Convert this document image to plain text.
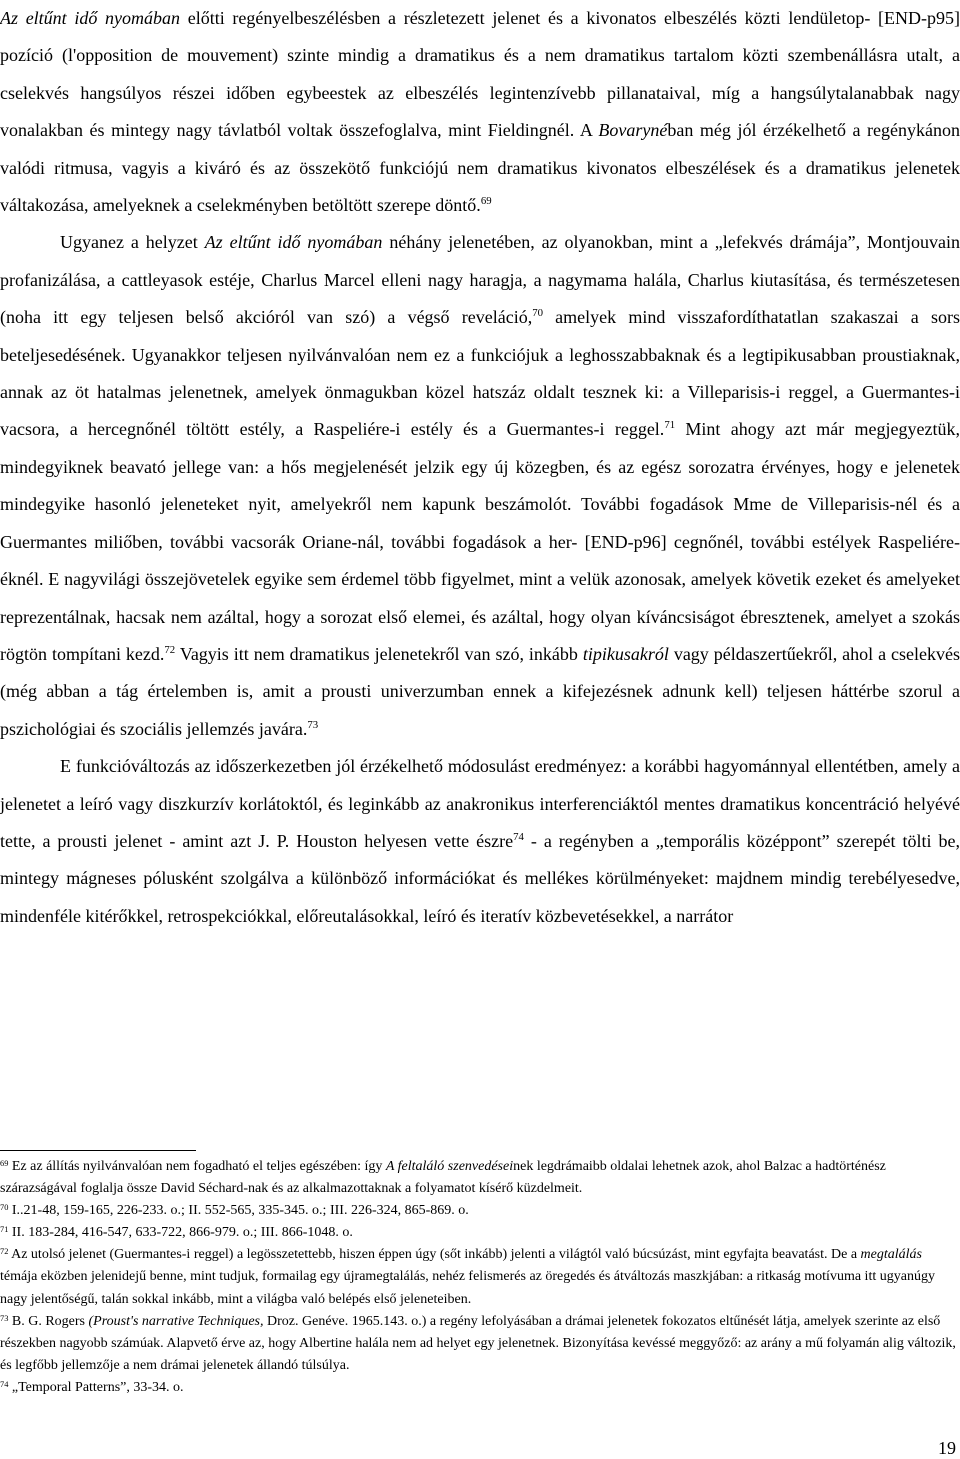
Az eltűnt idő nyomában előtti regényelbeszélésben a részletezett jelenet és a kivonatos elbeszélés közti lendületop- [END-p95] pozíció (l'opposition de mouvement) szinte mindig a dramatikus és a nem dramatikus tartalom közti szembenállásra utalt, a cselekvés hangsúlyos részei időben egybeestek az elbeszélés legintenzívebb pillanataival, míg a hangsúlytalanabbak nagy vonalakban és mintegy nagy távlatból voltak összefoglalva, mint Fieldingnél. A Bovarynéban még jól érzékelhető a regénykánon valódi ritmusa, vagyis a kiváró és az összekötő funkciójú nem dramatikus kivonatos elbeszélések és a dramatikus jelenetek váltakozása, amelyeknek a cselekményben betöltött szerepe döntő.$^{69}$

Ugyanez a helyzet Az eltűnt idő nyomában néhány jelenetében, az olyanokban, mint a „lefekvés drámája”, Montjouvain profanizálása, a cattleyasok estéje, Charlus Marcel elleni nagy haragja, a nagymama halála, Charlus kiutasítása, és természetesen (noha itt egy teljesen belső akcióról van szó) a végső reveláció,$^{70}$ amelyek mind visszafordíthatatlan szakaszai a sors beteljesedésének. Ugyanakkor teljesen nyilvánvalóan nem ez a funkciójuk a leghosszabbaknak és a legtipikusabban proustiaknak, annak az öt hatalmas jelenetnek, amelyek önmagukban közel hatszáz oldalt tesznek ki: a Villeparisis-i reggel, a Guermantes-i vacsora, a hercegnőnél töltött estély, a Raspeliére-i estély és a Guermantes-i reggel.$^{71}$ Mint ahogy azt már megjegyeztük, mindegyiknek beavató jellege van: a hős megjelenését jelzik egy új közegben, és az egész sorozatra érvényes, hogy e jelenetek mindegyike hasonló jeleneteket nyit, amelyekről nem kapunk beszámolót. További fogadások Mme de Villeparisis-nél és a Guermantes miliőben, további vacsorák Oriane-nál, további fogadások a her- [END-p96] cegnőnél, további estélyek Raspeliére-éknél. E nagyvilági összejövetelek egyike sem érdemel több figyelmet, mint a velük azonosak, amelyek követik ezeket és amelyeket reprezentálnak, hacsak nem azáltal, hogy a sorozat első elemei, és azáltal, hogy olyan kíváncsiságot ébresztenek, amelyet a szokás rögtön tompítani kezd.$^{72}$ Vagyis itt nem dramatikus jelenetekről van szó, inkább tipikusakról vagy példaszertűekről, ahol a cselekvés (még abban a tág értelemben is, amit a prousti univerzumban ennek a kifejezésnek adnunk kell) teljesen háttérbe szorul a pszichológiai és szociális jellemzés javára.$^{73}$

E funkcióváltozás az időszerkezetben jól érzékelhető módosulást eredményez: a korábbi hagyománnyal ellentétben, amely a jelenetet a leíró vagy diszkurzív korlátoktól, és leginkább az anakronikus interferenciáktól mentes dramatikus koncentráció helyévé tette, a prousti jelenet - amint azt J. P. Houston helyesen vette észre$^{74}$ - a regényben a „temporális középpont” szerepét tölti be, mintegy mágneses pólusként szolgálva a különböző információkat és mellékes körülményeket: majdnem mindig terebélyesedve, mindenféle kitérőkkel, retrospekciókkal, előreutalásokkal, leíró és iteratív közbevetésekkel, a narrátor

$^{69}$ Ez az állítás nyilvánvalóan nem fogadható el teljes egészében: így A feltaláló szenvedéseinek legdrámaibb oldalai lehetnek azok, ahol Balzac a hadtörténész szárazságával foglalja össze David Séchard-nak és az alkalmazottaknak a folyamatot kísérő küzdelmeit.

$^{70}$ I..21-48, 159-165, 226-233. o.; II. 552-565, 335-345. o.; III. 226-324, 865-869. o.

$^{71}$ II. 183-284, 416-547, 633-722, 866-979. o.; III. 866-1048. o.

$^{72}$ Az utolsó jelenet (Guermantes-i reggel) a legösszetettebb, hiszen éppen úgy (sőt inkább) jelenti a világtól való búcsúzást, mint egyfajta beavatást. De a megtalálás témája eközben jelenidejű benne, mint tudjuk, formailag egy újramegtalálás, nehéz felismerés az öregedés és átváltozás maszkjában: a ritkaság motívuma itt ugyanúgy nagy jelentőségű, talán sokkal inkább, mint a világba való belépés első jeleneteiben.

$^{73}$ B. G. Rogers (Proust's narrative Techniques, Droz. Genéve. 1965.143. o.) a regény lefolyásában a drámai jelenetek fokozatos eltűnését látja, amelyek szerinte az első részekben nagyobb számúak. Alapvető érve az, hogy Albertine halála nem ad helyet egy jelenetnek. Bizonyítása kevéssé meggyőző: az arány a mű folyamán alig változik, és legfőbb jellemzője a nem drámai jelenetek állandó túlsúlya.

$^{74}$ „Temporal Patterns”, 33-34. o.

19
